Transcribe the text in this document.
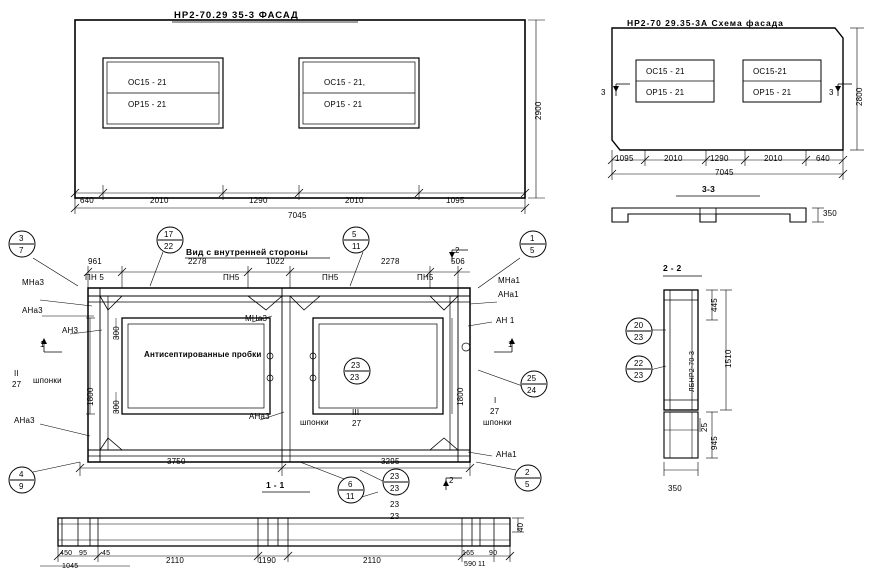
НР2-70.29 35-3 ФАСАД
НР2-70 29.35-3А Схема фасада
Вид с внутренней стороны
2 - 2
1 - 1
3-3
ОС15 - 21
ОР15 - 21
ОС15 - 21,
ОР15 - 21	2900
640	2010	1290	2010	1095
7045
ОС15 - 21
ОР15 - 21
ОС15-21
ОР15 - 21
3	3	2800
1095	2010	1290	2010	640
7045
350
3
7
17
22
5
11
1
5
4
9	6
11
23
23
2
5
25
24
23
23
961	2278	1022	2278	506
ПН 5	ПН5	ПН5	ПН5
МНа3
АНа3
АН3
МНа3
АНа3
АНа3
МНа1
АНа1
АН 1
АНа1
Антисептированные пробки
шпонки
шпонки	шпонки
II
27
III
27
I
27
300
300
1800	1800
3750	3295
1	1
2
2
20
23
22
23
445
1510
945
25
350
ЛБНР2-70-3
23
23
450 95 45
2110	1190	2110
165 90
590 11
40
1045
